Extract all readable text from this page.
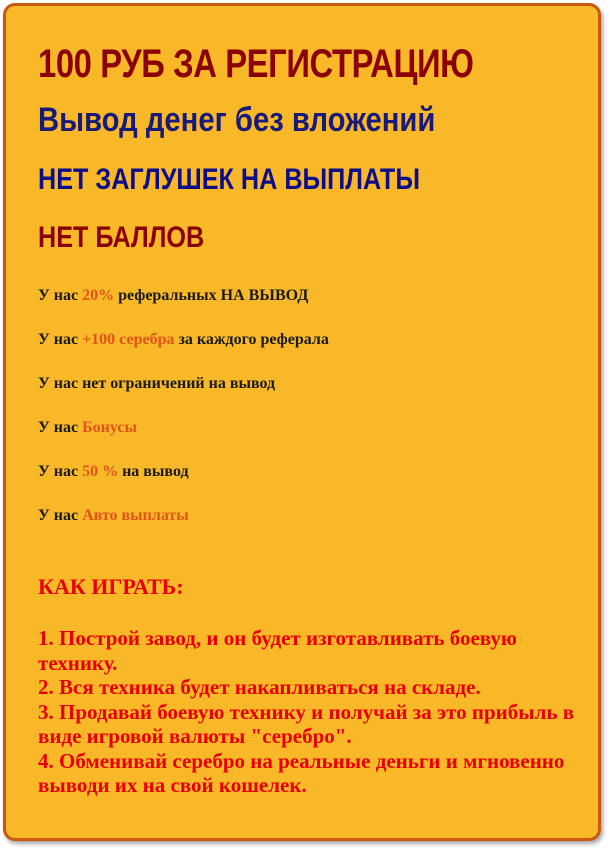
100 РУБ ЗА РЕГИСТРАЦИЮ
Вывод денег без вложений
НЕТ ЗАГЛУШЕК НА ВЫПЛАТЫ
НЕТ БАЛЛОВ
У нас 20% реферальных НА ВЫВОД
У нас +100 серебра за каждого реферала
У нас нет ограничений на вывод
У нас Бонусы
У нас 50 % на вывод
У нас Авто выплаты
КАК ИГРАТЬ:

1. Построй завод, и он будет изготавливать боевую технику.

2. Вся техника будет накапливаться на складе.

3. Продавай боевую технику и получай за это прибыль в виде игровой валюты "серебро".

4. Обменивай серебро на реальные деньги и мгновенно выводи их на свой кошелек.
